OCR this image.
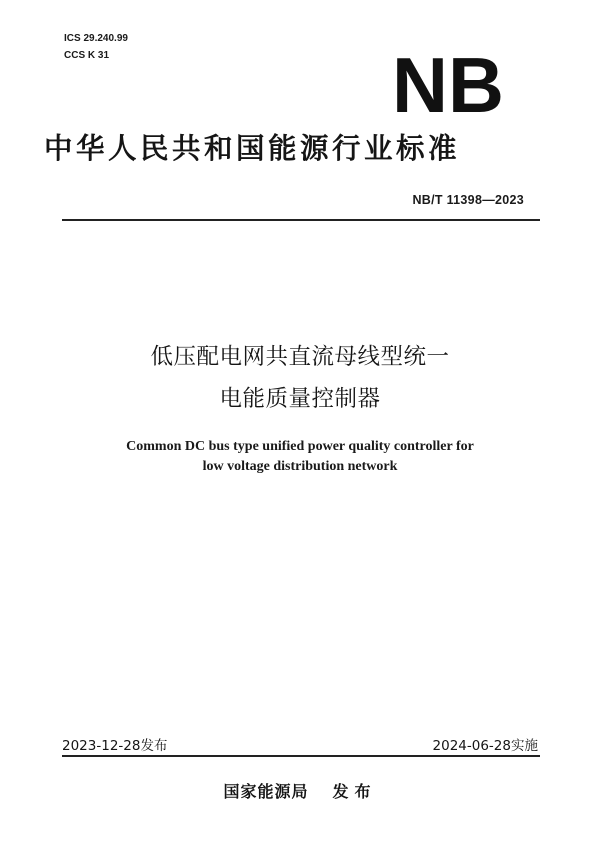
ICS 29.240.99
CCS K 31	NB
中华人民共和国能源行业标准
NB/T 11398—2023
低压配电网共直流母线型统一
电能质量控制器
Common DC bus type unified power quality controller for
low voltage distribution network
2023-12-28发布	2024-06-28实施
国家能源局 发布
